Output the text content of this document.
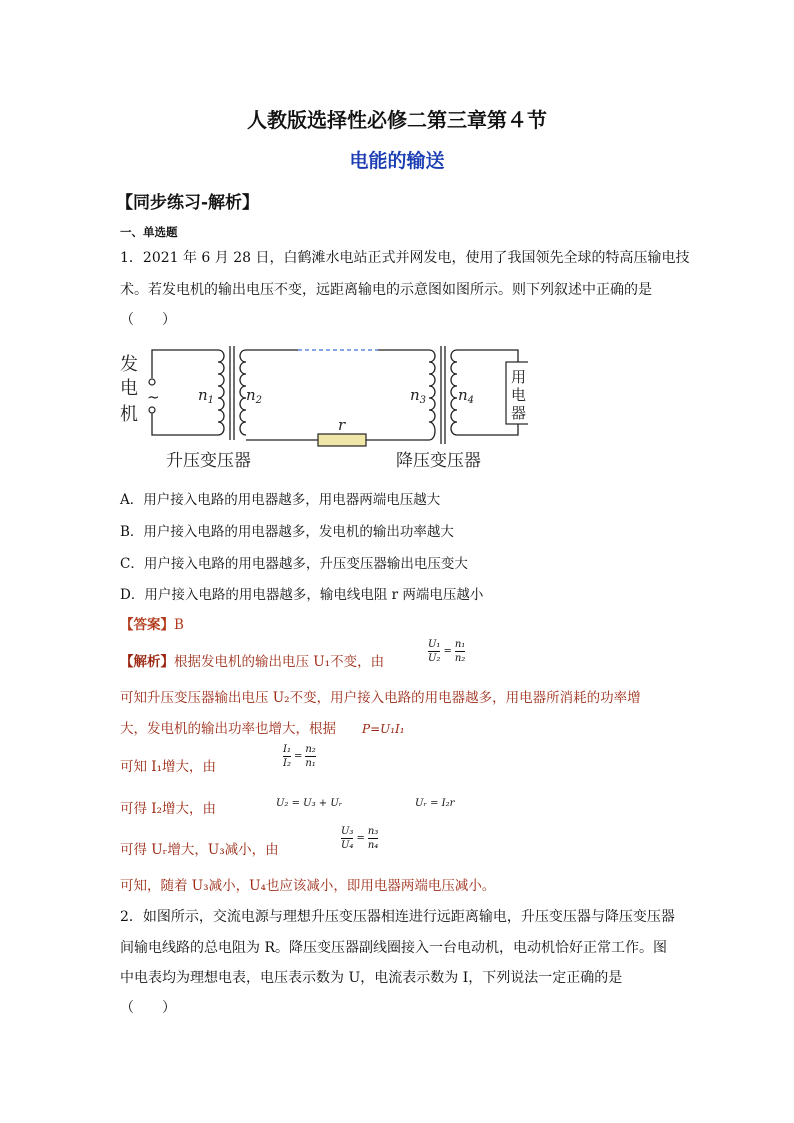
人教版选择性必修二第三章第４节
电能的输送
【同步练习-解析】
一、单选题
1．2021 年 6 月 28 日，白鹤滩水电站正式并网发电，使用了我国领先全球的特高压输电技
术。若发电机的输出电压不变，远距离输电的示意图如图所示。则下列叙述中正确的是
（　　）
发
电
机
~	$n_1$ $n_2$	$n_3$ $n_4$
r
用
电
器
升压变压器	降压变压器
A．用户接入电路的用电器越多，用电器两端电压越大
B．用户接入电路的用电器越多，发电机的输出功率越大
C．用户接入电路的用电器越多，升压变压器输出电压变大
D．用户接入电路的用电器越多，输电线电阻 r 两端电压越小
【答案】B
【解析】根据发电机的输出电压 U₁不变，由
U₁
U₂
=
n₁
n₂
可知升压变压器输出电压 U₂不变，用户接入电路的用电器越多，用电器所消耗的功率增
大，发电机的输出功率也增大，根据 P=U₁I₁
可知 I₁增大，由
I₁
I₂
=
n₂
n₁
可得 I₂增大，由	U₂ = U₃ + Uᵣ	Uᵣ = I₂r
可得 Uᵣ增大，U₃减小，由
U₃
U₄
=
n₃
n₄
可知，随着 U₃减小，U₄也应该减小，即用电器两端电压减小。
2．如图所示，交流电源与理想升压变压器相连进行远距离输电，升压变压器与降压变压器
间输电线路的总电阻为 R。降压变压器副线圈接入一台电动机，电动机恰好正常工作。图
中电表均为理想电表，电压表示数为 U，电流表示数为 I，下列说法一定正确的是
（　　）
